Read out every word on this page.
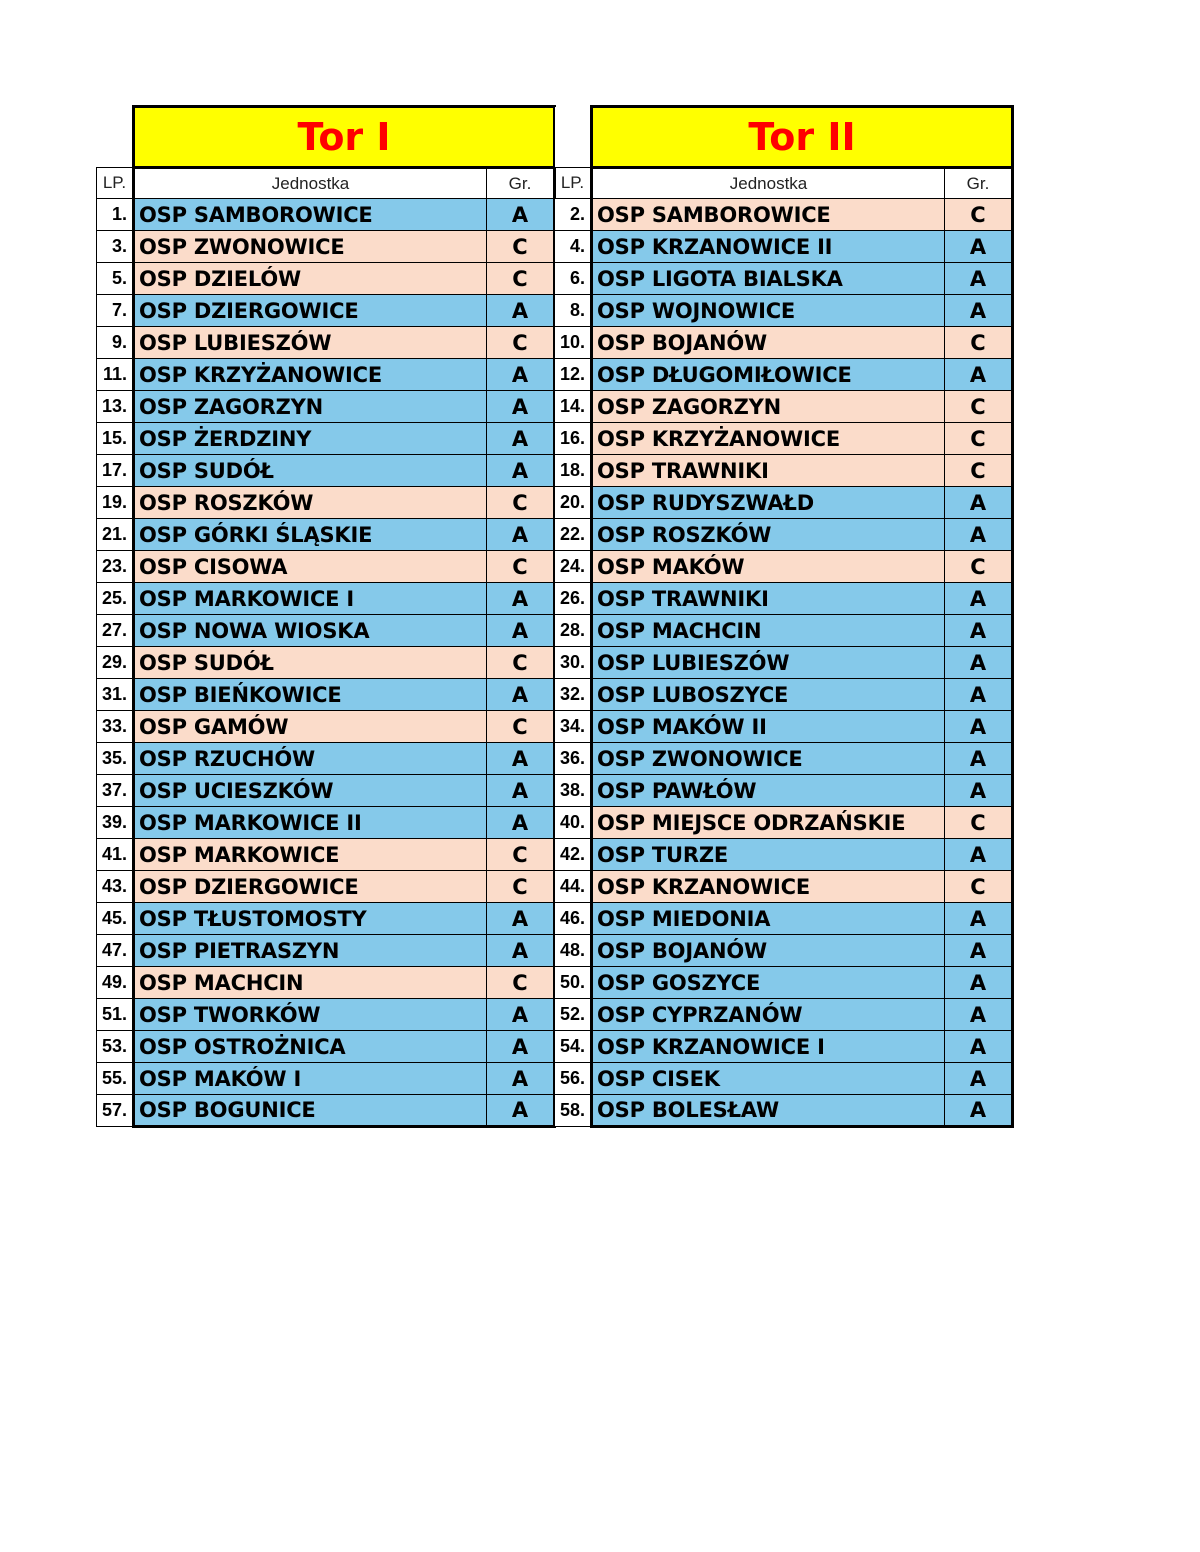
	Tor I	
LP.	Jednostka	Gr.
1.	OSP SAMBOROWICE	A
3.	OSP ZWONOWICE	C
5.	OSP DZIELÓW	C
7.	OSP DZIERGOWICE	A
9.	OSP LUBIESZÓW	C
11.	OSP KRZYŻANOWICE	A
13.	OSP ZAGORZYN	A
15.	OSP ŻERDZINY	A
17.	OSP SUDÓŁ	A
19.	OSP ROSZKÓW	C
21.	OSP GÓRKI ŚLĄSKIE	A
23.	OSP CISOWA	C
25.	OSP MARKOWICE I	A
27.	OSP NOWA WIOSKA	A
29.	OSP SUDÓŁ	C
31.	OSP BIEŃKOWICE	A
33.	OSP GAMÓW	C
35.	OSP RZUCHÓW	A
37.	OSP UCIESZKÓW	A
39.	OSP MARKOWICE II	A
41.	OSP MARKOWICE	C
43.	OSP DZIERGOWICE	C
45.	OSP TŁUSTOMOSTY	A
47.	OSP PIETRASZYN	A
49.	OSP MACHCIN	C
51.	OSP TWORKÓW	A
53.	OSP OSTROŻNICA	A
55.	OSP MAKÓW I	A
57.	OSP BOGUNICE	A
	Tor II	
LP.	Jednostka	Gr.
2.	OSP SAMBOROWICE	C
4.	OSP KRZANOWICE II	A
6.	OSP LIGOTA BIALSKA	A
8.	OSP WOJNOWICE	A
10.	OSP BOJANÓW	C
12.	OSP DŁUGOMIŁOWICE	A
14.	OSP ZAGORZYN	C
16.	OSP KRZYŻANOWICE	C
18.	OSP TRAWNIKI	C
20.	OSP RUDYSZWAŁD	A
22.	OSP ROSZKÓW	A
24.	OSP MAKÓW	C
26.	OSP TRAWNIKI	A
28.	OSP MACHCIN	A
30.	OSP LUBIESZÓW	A
32.	OSP LUBOSZYCE	A
34.	OSP MAKÓW II	A
36.	OSP ZWONOWICE	A
38.	OSP PAWŁÓW	A
40.	OSP MIEJSCE ODRZAŃSKIE	C
42.	OSP TURZE	A
44.	OSP KRZANOWICE	C
46.	OSP MIEDONIA	A
48.	OSP BOJANÓW	A
50.	OSP GOSZYCE	A
52.	OSP CYPRZANÓW	A
54.	OSP KRZANOWICE I	A
56.	OSP CISEK	A
58.	OSP BOLESŁAW	A
